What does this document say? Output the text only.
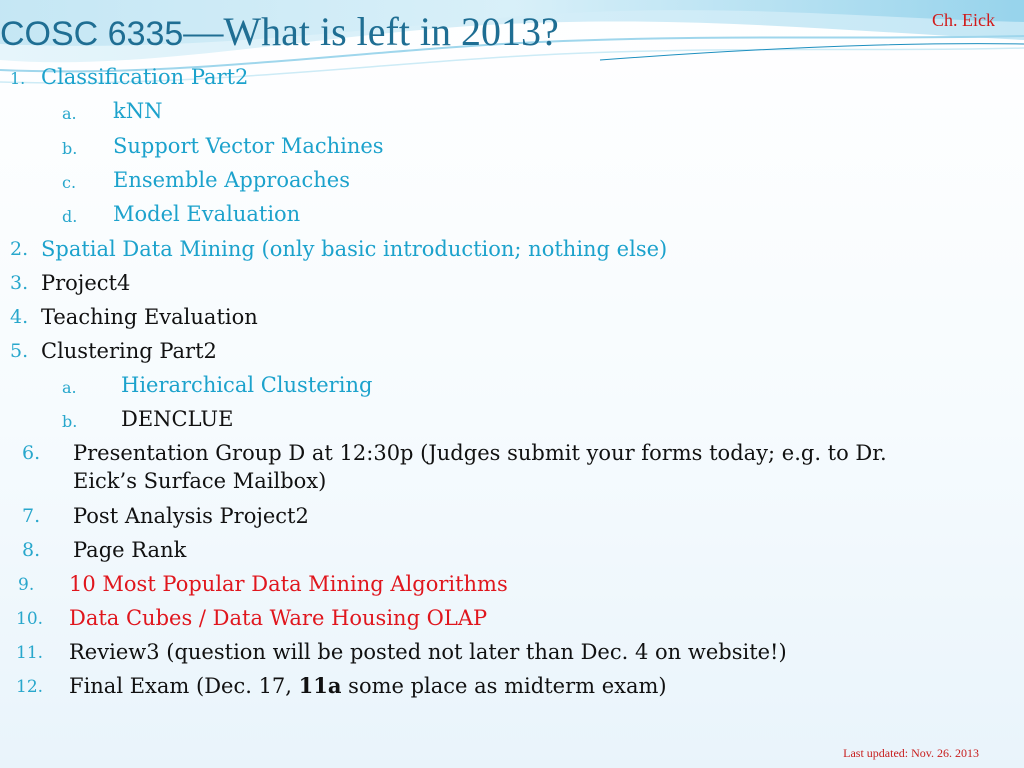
COSC 6335—What is left in 2013?	Ch. Eick
1. Classification Part2
a. kNN
b. Support Vector Machines
c. Ensemble Approaches
d. Model Evaluation
2. Spatial Data Mining (only basic introduction; nothing else)
3. Project4
4. Teaching Evaluation
5. Clustering Part2
a. Hierarchical Clustering
b. DENCLUE
6. Presentation Group D at 12:30p (Judges submit your forms today; e.g. to Dr.
Eick’s Surface Mailbox)
7. Post Analysis Project2
8. Page Rank
9. 10 Most Popular Data Mining Algorithms
10. Data Cubes / Data Ware Housing OLAP
11. Review3 (question will be posted not later than Dec. 4 on website!)
12. Final Exam (Dec. 17, 11a some place as midterm exam)
Last updated: Nov. 26. 2013
